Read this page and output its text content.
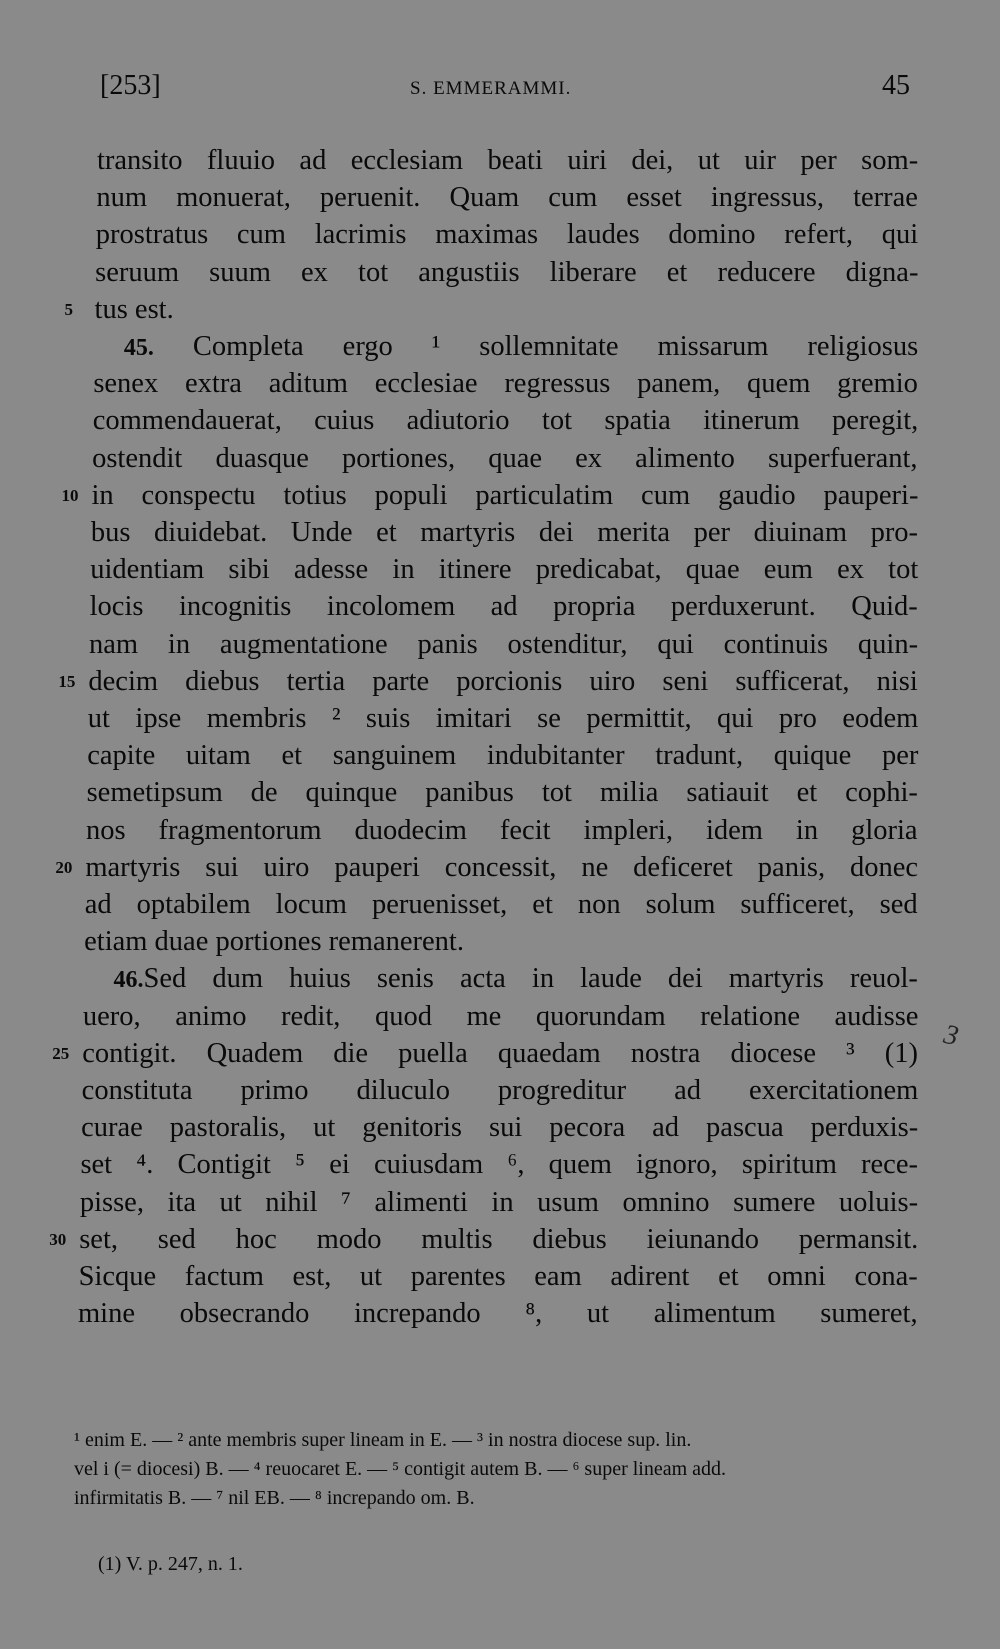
[253]	S. EMMERAMMI.	45
transito fluuio ad ecclesiam beati uiri dei, ut uir per som-
num monuerat, peruenit. Quam cum esset ingressus, terrae
prostratus cum lacrimis maximas laudes domino refert, qui
seruum suum ex tot angustiis liberare et reducere digna-
5 tus est.
45. Completa ergo ¹ sollemnitate missarum religiosus
senex extra aditum ecclesiae regressus panem, quem gremio
commendauerat, cuius adiutorio tot spatia itinerum peregit,
ostendit duasque portiones, quae ex alimento superfuerant,
10 in conspectu totius populi particulatim cum gaudio pauperi-
bus diuidebat. Unde et martyris dei merita per diuinam pro-
uidentiam sibi adesse in itinere predicabat, quae eum ex tot
locis incognitis incolomem ad propria perduxerunt. Quid-
nam in augmentatione panis ostenditur, qui continuis quin-
15 decim diebus tertia parte porcionis uiro seni sufficerat, nisi
ut ipse membris ² suis imitari se permittit, qui pro eodem
capite uitam et sanguinem indubitanter tradunt, quique per
semetipsum de quinque panibus tot milia satiauit et cophi-
nos fragmentorum duodecim fecit impleri, idem in gloria
20 martyris sui uiro pauperi concessit, ne deficeret panis, donec
ad optabilem locum peruenisset, et non solum sufficeret, sed
etiam duae portiones remanerent.
46.Sed dum huius senis acta in laude dei martyris reuol-
uero, animo redit, quod me quorundam relatione audisse
25 contigit. Quadem die puella quaedam nostra diocese ³ (1)
constituta primo diluculo progreditur ad exercitationem
curae pastoralis, ut genitoris sui pecora ad pascua perduxis-
set ⁴. Contigit ⁵ ei cuiusdam ⁶, quem ignoro, spiritum rece-
pisse, ita ut nihil ⁷ alimenti in usum omnino sumere uoluis-
30 set, sed hoc modo multis diebus ieiunando permansit.
Sicque factum est, ut parentes eam adirent et omni cona-
mine obsecrando increpando ⁸, ut alimentum sumeret,
3
¹ enim E. — ² ante membris super lineam in E. — ³ in nostra diocese sup. lin.
vel i (= diocesi) B. — ⁴ reuocaret E. — ⁵ contigit autem B. — ⁶ super lineam add.
infirmitatis B. — ⁷ nil EB. — ⁸ increpando om. B.
(1) V. p. 247, n. 1.
